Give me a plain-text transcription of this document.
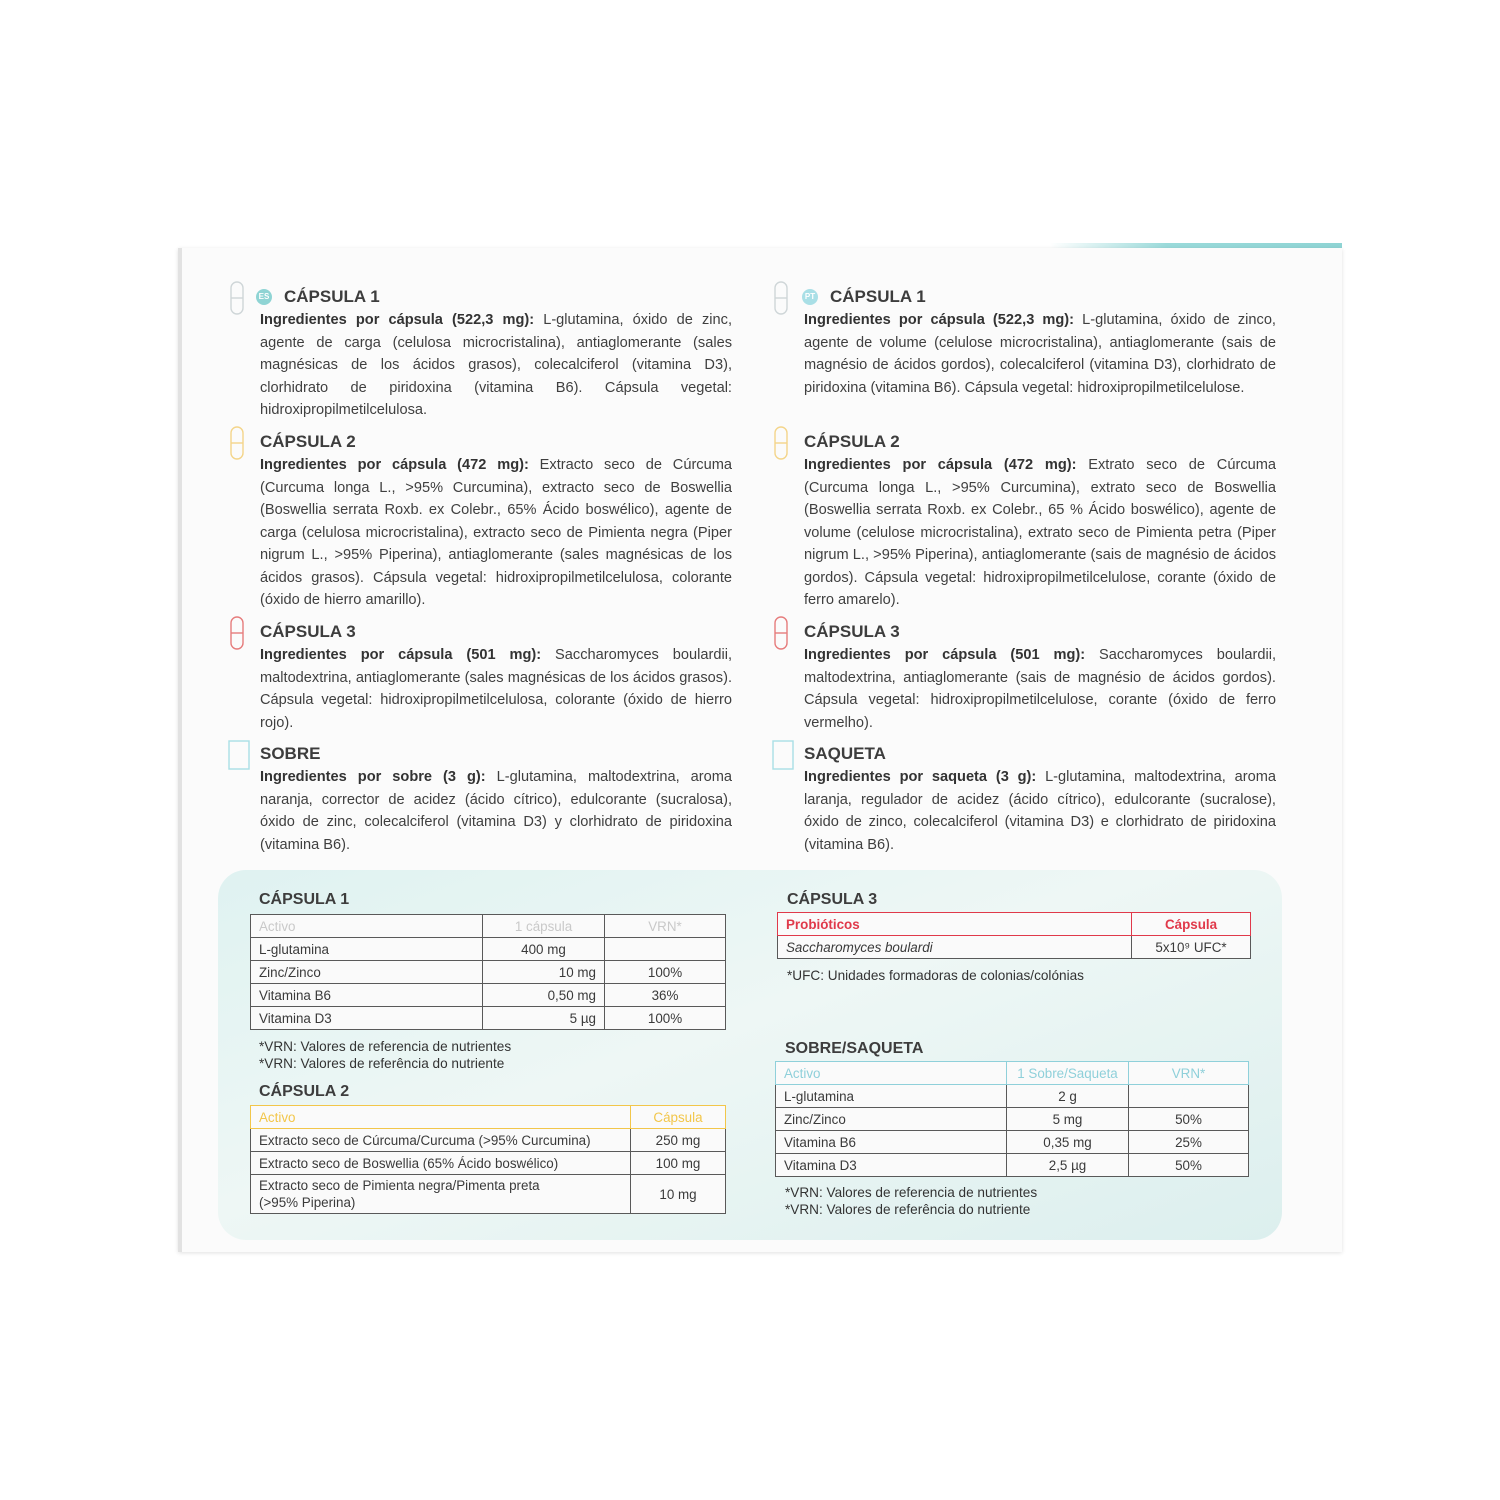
ES CÁPSULA 1
Ingredientes por cápsula (522,3 mg): L-glutamina, óxido de zinc, agente de carga (celulosa microcristalina), antiaglomerante (sales magnésicas de los ácidos grasos), colecalciferol (vitamina D3), clorhidrato de piridoxina (vitamina B6). Cápsula vegetal: hidroxipropilmetilcelulosa.
CÁPSULA 2
Ingredientes por cápsula (472 mg): Extracto seco de Cúrcuma (Curcuma longa L., >95% Curcumina), extracto seco de Boswellia (Boswellia serrata Roxb. ex Colebr., 65% Ácido boswélico), agente de carga (celulosa microcristalina), extracto seco de Pimienta negra (Piper nigrum L., >95% Piperina), antiaglomerante (sales magnésicas de los ácidos grasos). Cápsula vegetal: hidroxipropilmetilcelulosa, colorante (óxido de hierro amarillo).
CÁPSULA 3
Ingredientes por cápsula (501 mg): Saccharomyces boulardii, maltodextrina, antiaglomerante (sales magnésicas de los ácidos grasos). Cápsula vegetal: hidroxipropilmetilcelulosa, colorante (óxido de hierro rojo).
SOBRE
Ingredientes por sobre (3 g): L-glutamina, maltodextrina, aroma naranja, corrector de acidez (ácido cítrico), edulcorante (sucralosa), óxido de zinc, colecalciferol (vitamina D3) y clorhidrato de piridoxina (vitamina B6).
PT CÁPSULA 1
Ingredientes por cápsula (522,3 mg): L-glutamina, óxido de zinco, agente de volume (celulose microcristalina), antiaglomerante (sais de magnésio de ácidos gordos), colecalciferol (vitamina D3), clorhidrato de piridoxina (vitamina B6). Cápsula vegetal: hidroxipropilmetilcelulose.
CÁPSULA 2
Ingredientes por cápsula (472 mg): Extrato seco de Cúrcuma (Curcuma longa L., >95% Curcumina), extrato seco de Boswellia (Boswellia serrata Roxb. ex Colebr., 65 % Ácido boswélico), agente de volume (celulose microcristalina), extrato seco de Pimienta petra (Piper nigrum L., >95% Piperina), antiaglomerante (sais de magnésio de ácidos gordos). Cápsula vegetal: hidroxipropilmetilcelulose, corante (óxido de ferro amarelo).
CÁPSULA 3
Ingredientes por cápsula (501 mg): Saccharomyces boulardii, maltodextrina, antiaglomerante (sais de magnésio de ácidos gordos). Cápsula vegetal: hidroxipropilmetilcelulose, corante (óxido de ferro vermelho).
SAQUETA
Ingredientes por saqueta (3 g): L-glutamina, maltodextrina, aroma laranja, regulador de acidez (ácido cítrico), edulcorante (sucralose), óxido de zinco, colecalciferol (vitamina D3) e clorhidrato de piridoxina (vitamina B6).
CÁPSULA 1
Activo	1 cápsula	VRN*
L-glutamina	400 mg	
Zinc/Zinco	10 mg	100%
Vitamina B6	0,50 mg	36%
Vitamina D3	5 µg	100%
*VRN: Valores de referencia de nutrientes
*VRN: Valores de referência do nutriente
CÁPSULA 2
Activo	Cápsula
Extracto seco de Cúrcuma/Curcuma (>95% Curcumina)	250 mg
Extracto seco de Boswellia (65% Ácido boswélico)	100 mg
Extracto seco de Pimienta negra/Pimenta preta
(>95% Piperina)	10 mg
CÁPSULA 3
Probióticos	Cápsula
Saccharomyces boulardi	5x10⁹ UFC*
*UFC: Unidades formadoras de colonias/colónias
SOBRE/SAQUETA
Activo	1 Sobre/Saqueta	VRN*
L-glutamina	2 g	
Zinc/Zinco	5 mg	50%
Vitamina B6	0,35 mg	25%
Vitamina D3	2,5 µg	50%
*VRN: Valores de referencia de nutrientes
*VRN: Valores de referência do nutriente
